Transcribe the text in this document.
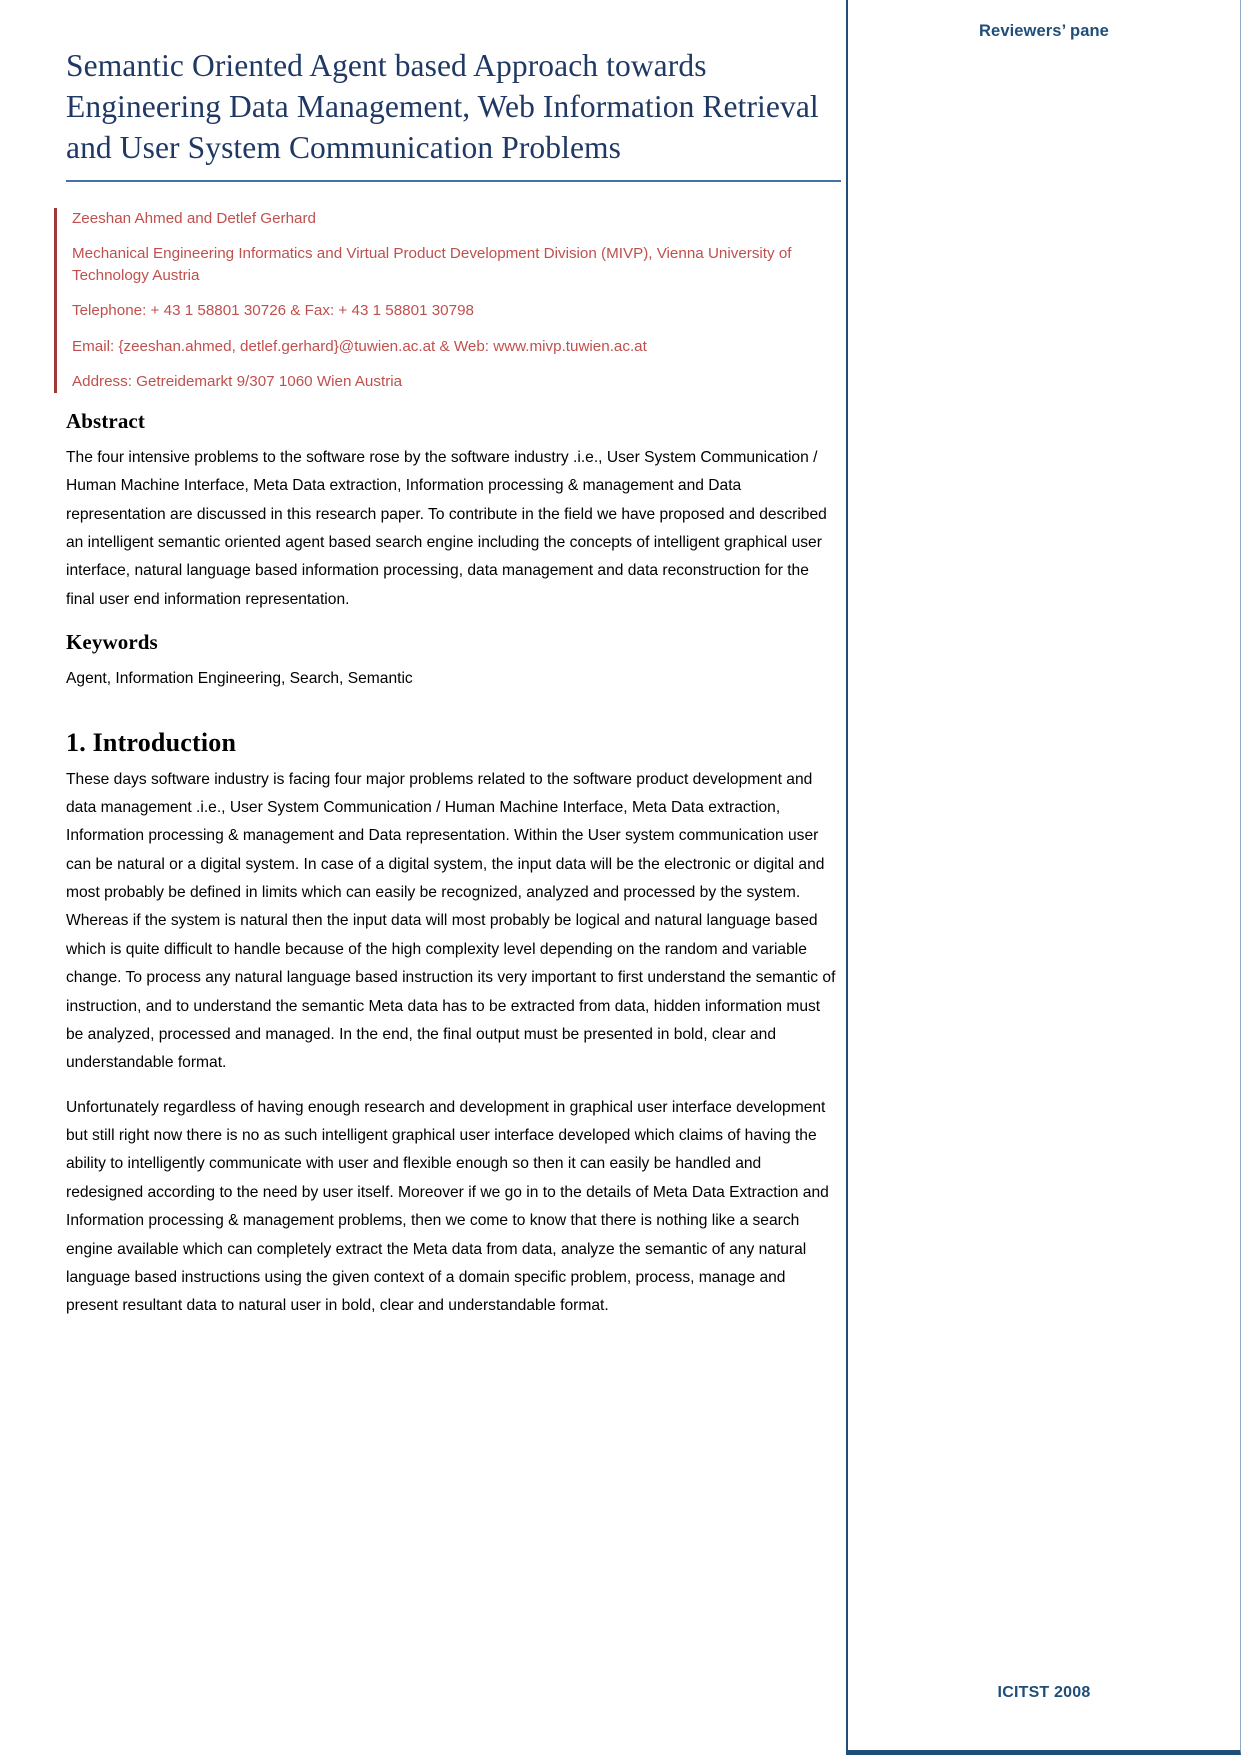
Semantic Oriented Agent based Approach towards Engineering Data Management, Web Information Retrieval and User System Communication Problems

Zeeshan Ahmed and Detlef Gerhard

Mechanical Engineering Informatics and Virtual Product Development Division (MIVP), Vienna University of Technology Austria

Telephone: + 43 1 58801 30726 & Fax: + 43 1 58801 30798

Email: {zeeshan.ahmed, detlef.gerhard}@tuwien.ac.at & Web: www.mivp.tuwien.ac.at

Address: Getreidemarkt 9/307 1060 Wien Austria

Abstract

The four intensive problems to the software rose by the software industry .i.e., User System Communication / Human Machine Interface, Meta Data extraction, Information processing & management and Data representation are discussed in this research paper. To contribute in the field we have proposed and described an intelligent semantic oriented agent based search engine including the concepts of intelligent graphical user interface, natural language based information processing, data management and data reconstruction for the final user end information representation.

Keywords

Agent, Information Engineering, Search, Semantic

1. Introduction

These days software industry is facing four major problems related to the software product development and data management .i.e., User System Communication / Human Machine Interface, Meta Data extraction, Information processing & management and Data representation. Within the User system communication user can be natural or a digital system. In case of a digital system, the input data will be the electronic or digital and most probably be defined in limits which can easily be recognized, analyzed and processed by the system. Whereas if the system is natural then the input data will most probably be logical and natural language based which is quite difficult to handle because of the high complexity level depending on the random and variable change. To process any natural language based instruction its very important to first understand the semantic of instruction, and to understand the semantic Meta data has to be extracted from data, hidden information must be analyzed, processed and managed. In the end, the final output must be presented in bold, clear and understandable format.

Unfortunately regardless of having enough research and development in graphical user interface development but still right now there is no as such intelligent graphical user interface developed which claims of having the ability to intelligently communicate with user and flexible enough so then it can easily be handled and redesigned according to the need by user itself. Moreover if we go in to the details of Meta Data Extraction and Information processing & management problems, then we come to know that there is nothing like a search engine available which can completely extract the Meta data from data, analyze the semantic of any natural language based instructions using the given context of a domain specific problem, process, manage and present resultant data to natural user in bold, clear and understandable format.

Reviewers’ pane
ICITST 2008
